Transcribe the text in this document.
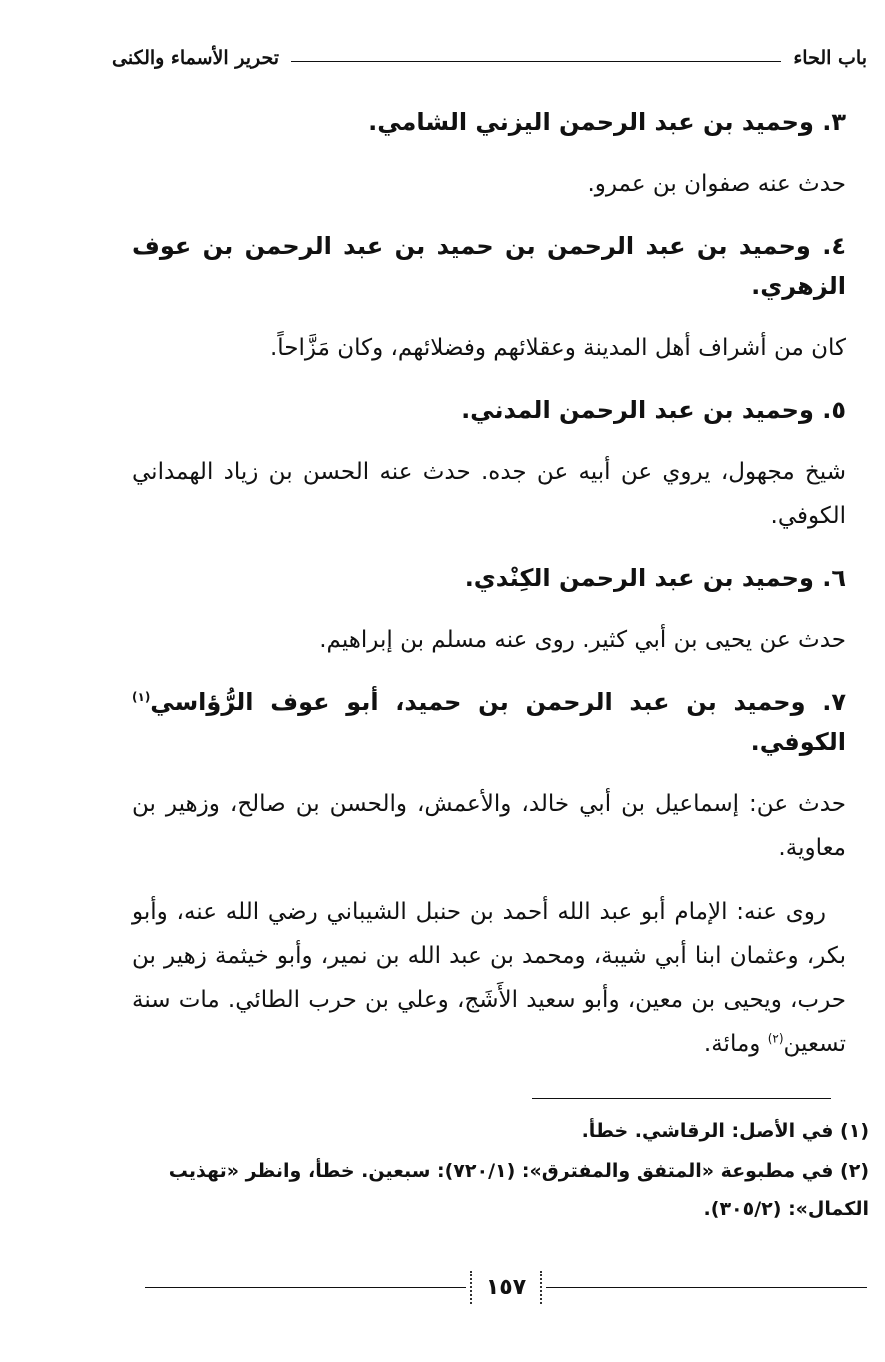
باب الحاء
تحرير الأسماء والكنى
٣. وحميد بن عبد الرحمن اليزني الشامي.
حدث عنه صفوان بن عمرو.
٤. وحميد بن عبد الرحمن بن حميد بن عبد الرحمن بن عوف الزهري.
كان من أشراف أهل المدينة وعقلائهم وفضلائهم، وكان مَزَّاحاً.
٥. وحميد بن عبد الرحمن المدني.
شيخ مجهول، يروي عن أبيه عن جده. حدث عنه الحسن بن زياد الهمداني الكوفي.
٦. وحميد بن عبد الرحمن الكِنْدي.
حدث عن يحيى بن أبي كثير. روى عنه مسلم بن إبراهيم.
٧. وحميد بن عبد الرحمن بن حميد، أبو عوف الرُّؤاسي$^{(١)}$ الكوفي.
حدث عن: إسماعيل بن أبي خالد، والأعمش، والحسن بن صالح، وزهير بن معاوية.
روى عنه: الإمام أبو عبد الله أحمد بن حنبل الشيباني رضي الله عنه، وأبو بكر، وعثمان ابنا أبي شيبة، ومحمد بن عبد الله بن نمير، وأبو خيثمة زهير بن حرب، ويحيى بن معين، وأبو سعيد الأَشَج، وعلي بن حرب الطائي. مات سنة تسعين$^{(٢)}$ ومائة.
(١) في الأصل: الرقاشي. خطأ.
(٢) في مطبوعة «المتفق والمفترق»: (٧٢٠/١): سبعين. خطأ، وانظر «تهذيب الكمال»: (٣٠٥/٢).
١٥٧
